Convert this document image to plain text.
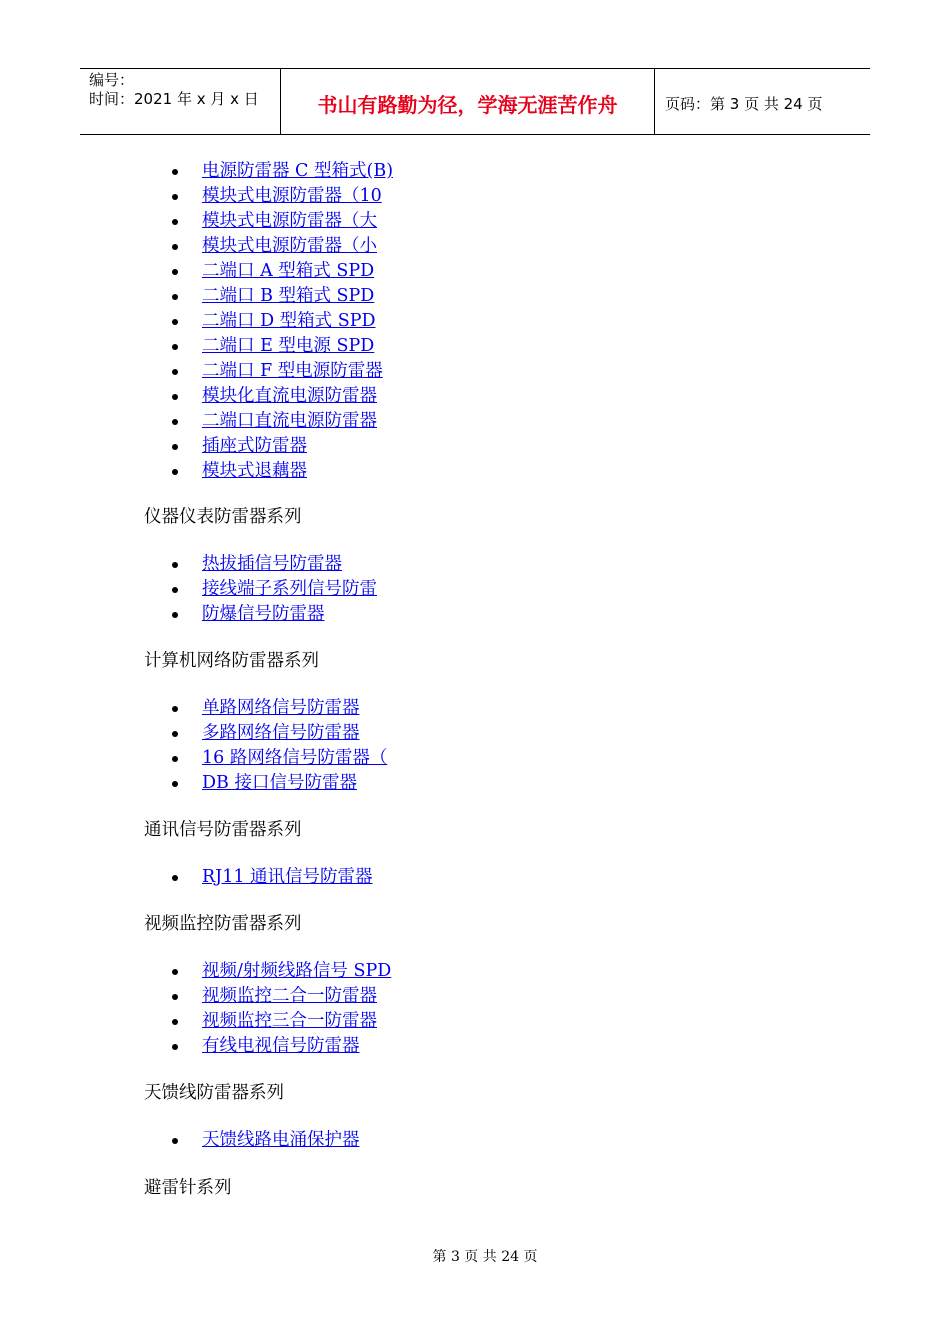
编号：
时间：2021 年 x 月 x 日	书山有路勤为径，学海无涯苦作舟	页码：第 3 页 共 24 页
电源防雷器 C 型箱式(B)
模块式电源防雷器（10
模块式电源防雷器（大
模块式电源防雷器（小
二端口 A 型箱式 SPD
二端口 B 型箱式 SPD
二端口 D 型箱式 SPD
二端口 E 型电源 SPD
二端口 F 型电源防雷器
模块化直流电源防雷器
二端口直流电源防雷器
插座式防雷器
模块式退藕器
仪器仪表防雷器系列
热拔插信号防雷器
接线端子系列信号防雷
防爆信号防雷器
计算机网络防雷器系列
单路网络信号防雷器
多路网络信号防雷器
16 路网络信号防雷器（
DB 接口信号防雷器
通讯信号防雷器系列
RJ11 通讯信号防雷器
视频监控防雷器系列
视频/射频线路信号 SPD
视频监控二合一防雷器
视频监控三合一防雷器
有线电视信号防雷器
天馈线防雷器系列
天馈线路电涌保护器
避雷针系列
第 3 页 共 24 页
